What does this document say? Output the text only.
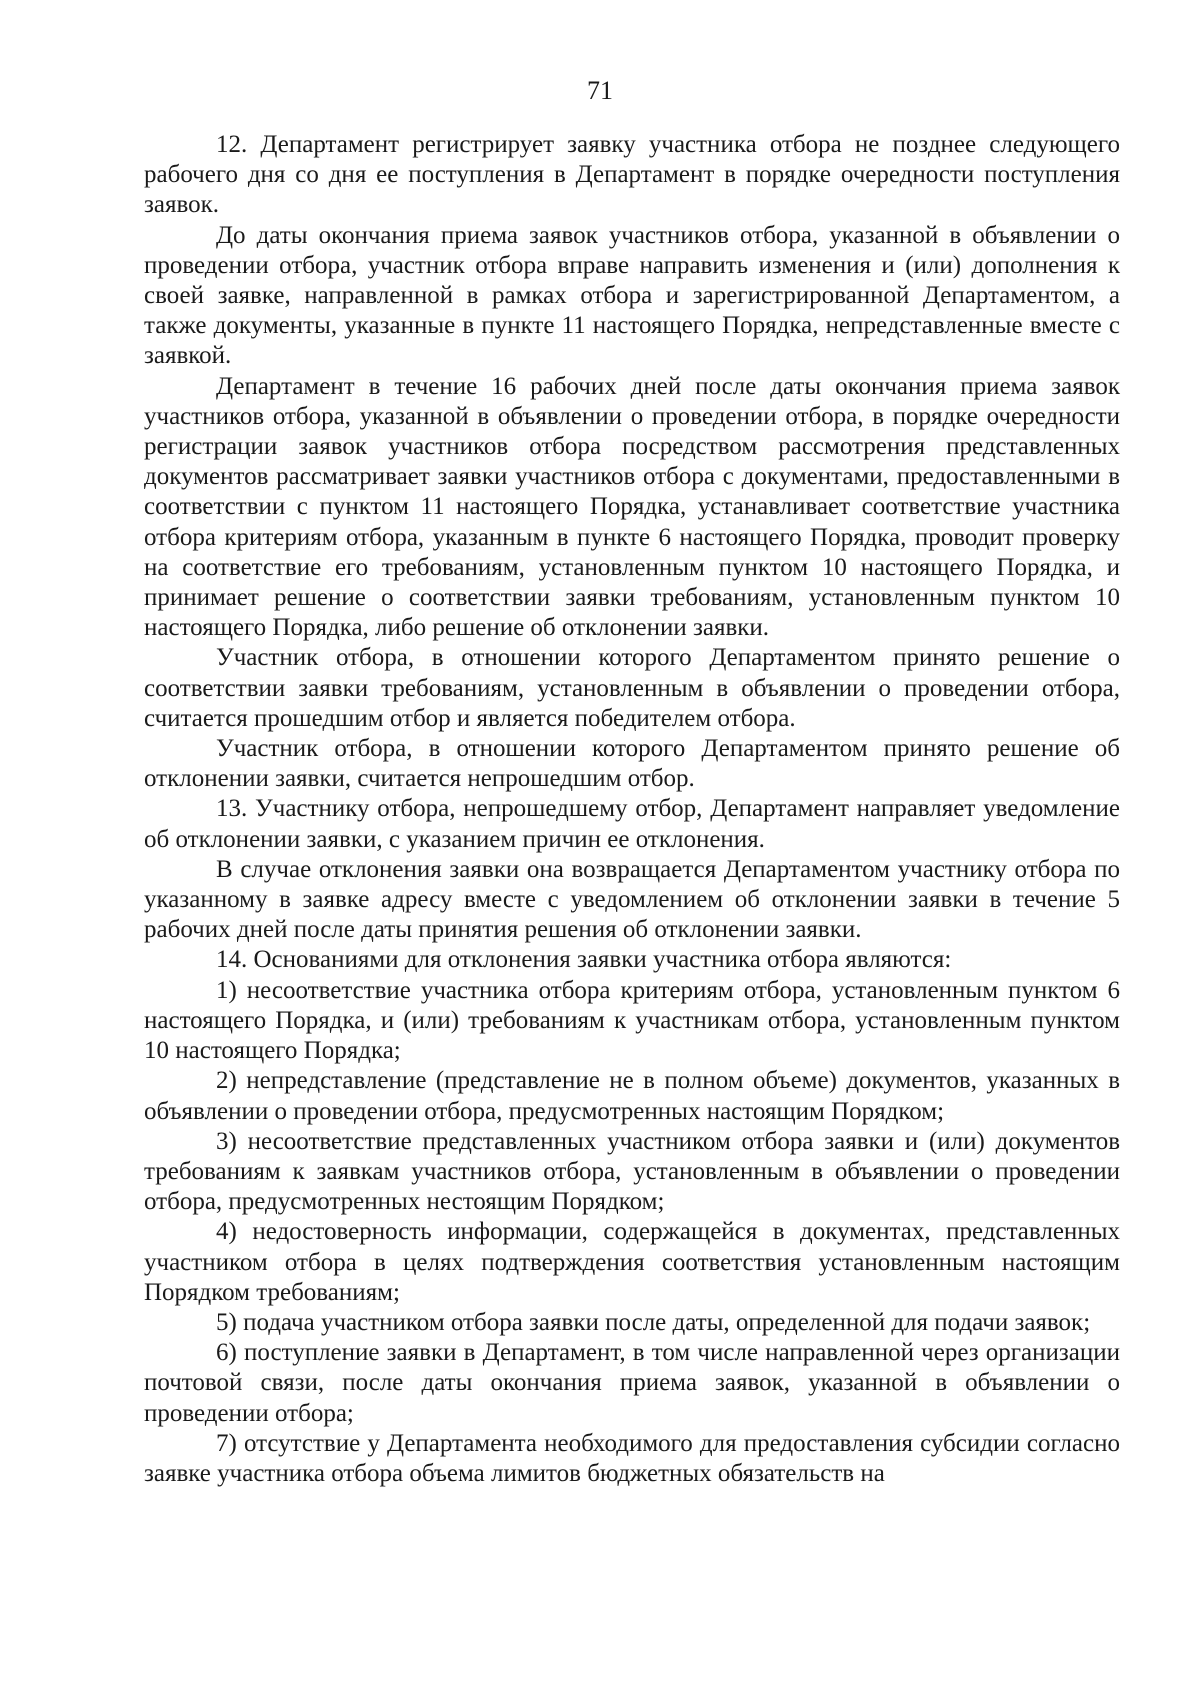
71

12. Департамент регистрирует заявку участника отбора не позднее следующего рабочего дня со дня ее поступления в Департамент в порядке очередности поступления заявок.

До даты окончания приема заявок участников отбора, указанной в объявлении о проведении отбора, участник отбора вправе направить изменения и (или) дополнения к своей заявке, направленной в рамках отбора и зарегистрированной Департаментом, а также документы, указанные в пункте 11 настоящего Порядка, непредставленные вместе с заявкой.

Департамент в течение 16 рабочих дней после даты окончания приема заявок участников отбора, указанной в объявлении о проведении отбора, в порядке очередности регистрации заявок участников отбора посредством рассмотрения представленных документов рассматривает заявки участников отбора с документами, предоставленными в соответствии с пунктом 11 настоящего Порядка, устанавливает соответствие участника отбора критериям отбора, указанным в пункте 6 настоящего Порядка, проводит проверку на соответствие его требованиям, установленным пунктом 10 настоящего Порядка, и принимает решение о соответствии заявки требованиям, установленным пунктом 10 настоящего Порядка, либо решение об отклонении заявки.

Участник отбора, в отношении которого Департаментом принято решение о соответствии заявки требованиям, установленным в объявлении о проведении отбора, считается прошедшим отбор и является победителем отбора.

Участник отбора, в отношении которого Департаментом принято решение об отклонении заявки, считается непрошедшим отбор.

13. Участнику отбора, непрошедшему отбор, Департамент направляет уведомление об отклонении заявки, с указанием причин ее отклонения.

В случае отклонения заявки она возвращается Департаментом участнику отбора по указанному в заявке адресу вместе с уведомлением об отклонении заявки в течение 5 рабочих дней после даты принятия решения об отклонении заявки.

14. Основаниями для отклонения заявки участника отбора являются:

1) несоответствие участника отбора критериям отбора, установленным пунктом 6 настоящего Порядка, и (или) требованиям к участникам отбора, установленным пунктом 10 настоящего Порядка;

2) непредставление (представление не в полном объеме) документов, указанных в объявлении о проведении отбора, предусмотренных настоящим Порядком;

3) несоответствие представленных участником отбора заявки и (или) документов требованиям к заявкам участников отбора, установленным в объявлении о проведении отбора, предусмотренных нестоящим Порядком;

4) недостоверность информации, содержащейся в документах, представленных участником отбора в целях подтверждения соответствия установленным настоящим Порядком требованиям;

5) подача участником отбора заявки после даты, определенной для подачи заявок;

6) поступление заявки в Департамент, в том числе направленной через организации почтовой связи, после даты окончания приема заявок, указанной в объявлении о проведении отбора;

7) отсутствие у Департамента необходимого для предоставления субсидии согласно заявке участника отбора объема лимитов бюджетных обязательств на
